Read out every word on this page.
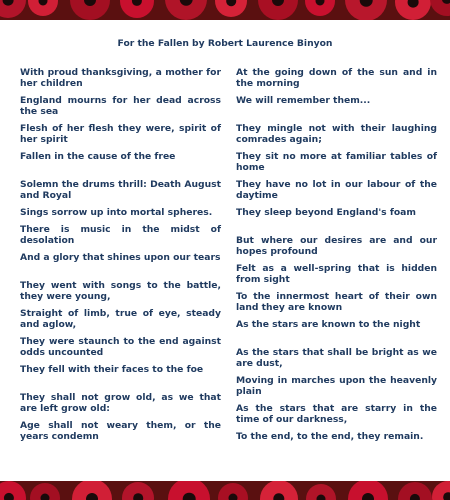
For the Fallen by Robert Laurence Binyon
With proud thanksgiving, a mother for her children
England mourns for her dead across the sea
Flesh of her flesh they were, spirit of her spirit
Fallen in the cause of the free
Solemn the drums thrill: Death August and Royal
Sings sorrow up into mortal spheres.
There is music in the midst of desolation
And a glory that shines upon our tears
They went with songs to the battle, they were young,
Straight of limb, true of eye, steady and aglow,
They were staunch to the end against odds uncounted
They fell with their faces to the foe
They shall not grow old, as we that are left grow old:
Age shall not weary them, or the years condemn
At the going down of the sun and in the morning
We will remember them...
They mingle not with their laughing comrades again;
They sit no more at familiar tables of home
They have no lot in our labour of the daytime
They sleep beyond England's foam
But where our desires are and our hopes profound
Felt as a well-spring that is hidden from sight
To the innermost heart of their own land they are known
As the stars are known to the night
As the stars that shall be bright as we are dust,
Moving in marches upon the heavenly plain
As the stars that are starry in the time of our darkness,
To the end, to the end, they remain.
